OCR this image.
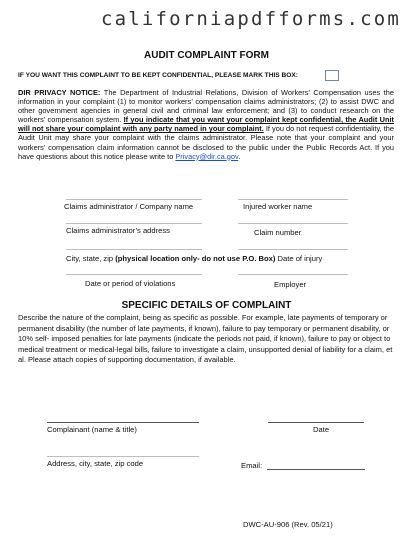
californiapdfforms.com
AUDIT COMPLAINT FORM
IF YOU WANT THIS COMPLAINT TO BE KEPT CONFIDENTIAL, PLEASE MARK THIS BOX:
DIR PRIVACY NOTICE: The Department of Industrial Relations, Division of Workers’ Compensation uses the information in your complaint (1) to monitor workers’ compensation claims administrators; (2) to assist DWC and other government agencies in general civil and criminal law enforcement; and (3) to conduct research on the workers’ compensation system. If you indicate that you want your complaint kept confidential, the Audit Unit will not share your complaint with any party named in your complaint. If you do not request confidentiality, the Audit Unit may share your complaint with the claims administrator. Please note that your complaint and your workers’ compensation claim information cannot be disclosed to the public under the Public Records Act. If you have questions about this notice please write to Privacy@dir.ca.gov.
Claims administrator / Company name	Injured worker name
Claims administrator’s address	Claim number
City, state, zip (physical location only- do not use P.O. Box) Date of injury
Date or period of violations	Employer
SPECIFIC DETAILS OF COMPLAINT
Describe the nature of the complaint, being as specific as possible. For example, late payments of temporary or permanent disability (the number of late payments, if known), failure to pay temporary or permanent disability, or 10% self- imposed penalties for late payments (indicate the periods not paid, if known), failure to pay or object to medical treatment or medical-legal bills, failure to investigate a claim, unsupported denial of liability for a claim, et al. Please attach copies of supporting documentation, if available.
Complainant (name & title)	Date
Address, city, state, zip code	Email:
DWC-AU-906 (Rev. 05/21)
